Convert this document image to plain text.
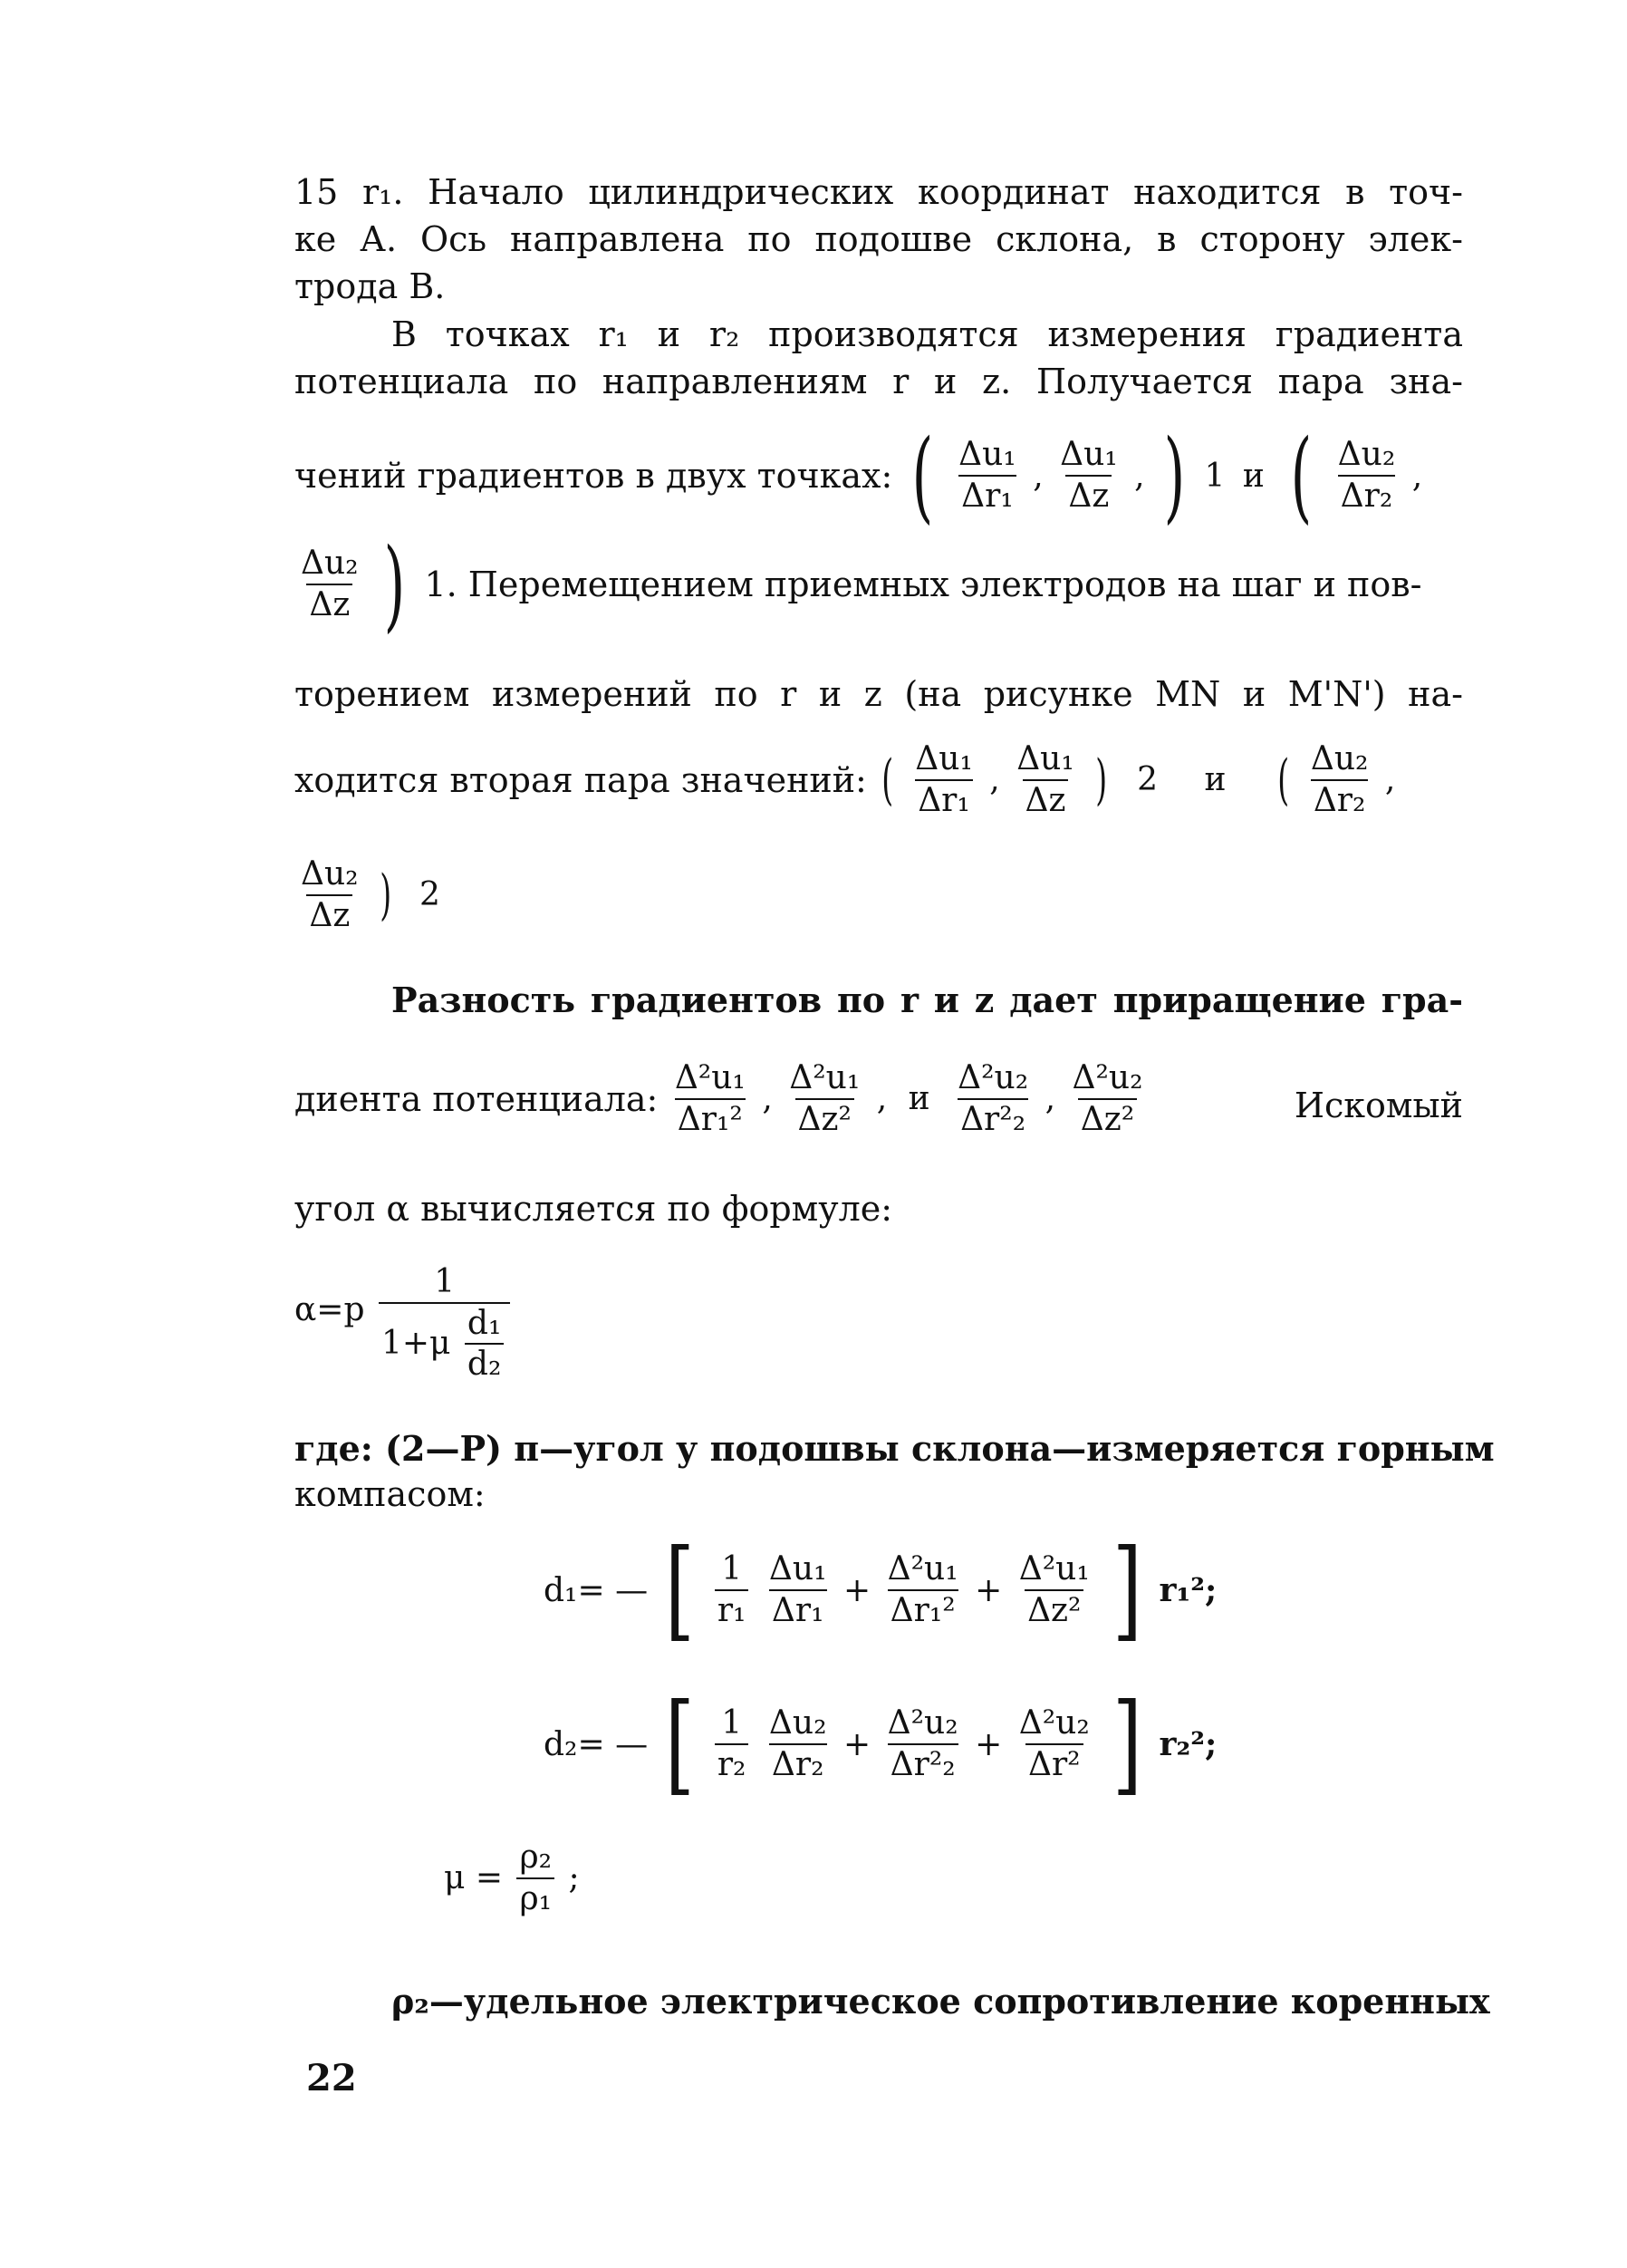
15 r₁. Начало цилиндрических координат находится в точ-
ке А. Ось направлена по подошве склона, в сторону элек-
трода В.
В точках r₁ и r₂ производятся измерения градиента
потенциала по направлениям r и z. Получается пара зна-
чений градиентов в двух точках: ( $\frac{\text{Δu₁}}{\text{Δr₁}}$ , $\frac{\text{Δu₁}}{\Delta z}$ , ) 1 и ( $\frac{\text{Δu₂}}{\text{Δr₂}}$ ,
$\frac{\text{Δu₂}}{\Delta z}$ ) 1. Перемещением приемных электродов на шаг и пов-
торением измерений по r и z (на рисунке MN и M'N') на-
ходится вторая пара значений: ( $\frac{\text{Δu₁}}{\text{Δr₁}}$ , $\frac{\text{Δu₁}}{\Delta z}$ ) 2 и ( $\frac{\text{Δu₂}}{\text{Δr₂}}$ ,
$\frac{\text{Δu₂}}{\Delta z}$ ) 2
Разность градиентов по r и z дает приращение гра-
диента потенциала: $\frac{\text{Δ²u₁}}{\text{Δr₁²}}$ , $\frac{\text{Δ²u₁}}{\text{Δz²}}$ , и $\frac{\text{Δ²u₂}}{\text{Δr²₂}}$ , $\frac{\text{Δ²u₂}}{\text{Δz²}}$	Искомый
угол α вычисляется по формуле:
$\alpha=p \frac{1}{1+\mu \frac{\text{d₁}}{\text{d₂}}}$
где: (2—P) π—угол у подошвы склона—измеряется горным
компасом:
d₁= — [ $\frac{1}{\text{r₁}}$
$\frac{\text{Δu₁}}{\text{Δr₁}} + \frac{\text{Δ²u₁}}{\text{Δr₁²}} + \frac{\text{Δ²u₁}}{\text{Δz²}}$ ] r₁²;
d₂= — [ $\frac{1}{\text{r₂}}$
$\frac{\text{Δu₂}}{\text{Δr₂}} + \frac{\text{Δ²u₂}}{\text{Δr²₂}} + \frac{\text{Δ²u₂}}{\text{Δr²}}$ ] r₂²;
$\mu = \frac{\text{ρ₂}}{\text{ρ₁}}$ ;
ρ₂—удельное электрическое сопротивление коренных
22
